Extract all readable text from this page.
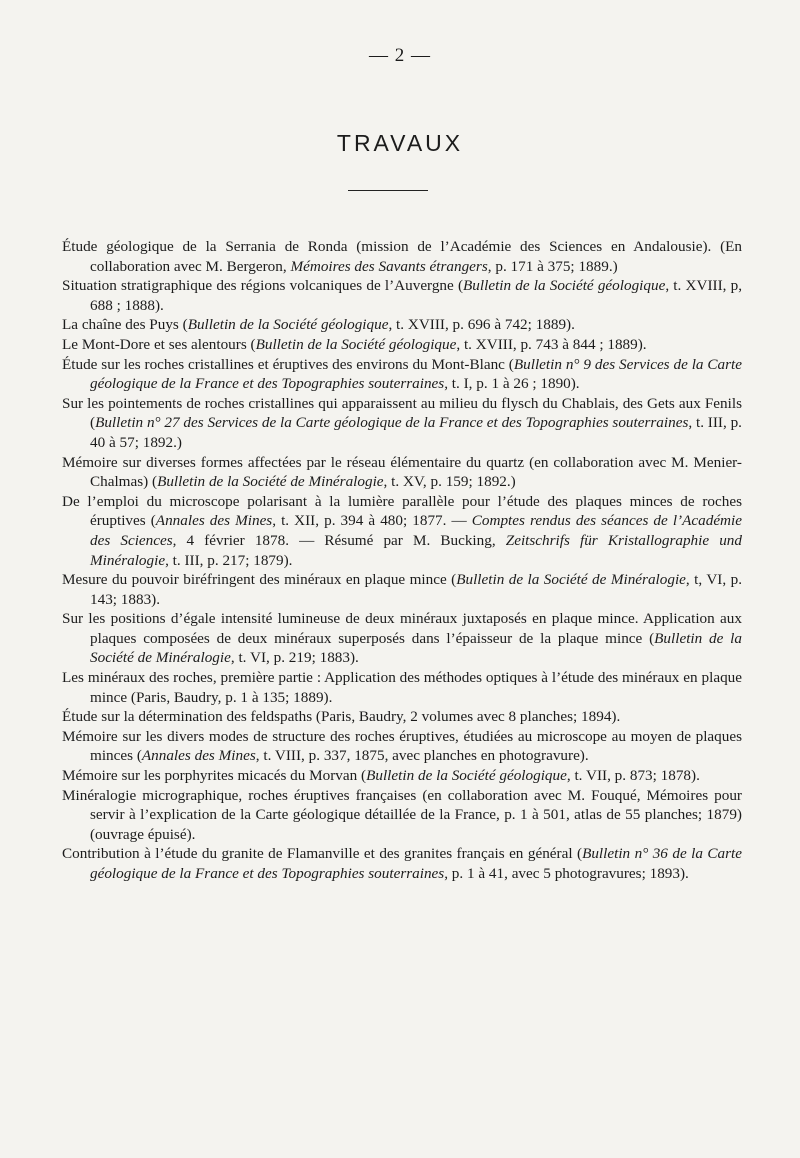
— 2 —
TRAVAUX
Étude géologique de la Serrania de Ronda (mission de l’Académie des Sciences en Andalousie). (En collaboration avec M. Bergeron, Mémoires des Savants étrangers, p. 171 à 375; 1889.)
Situation stratigraphique des régions volcaniques de l’Auvergne (Bulletin de la Société géologique, t. XVIII, p, 688 ; 1888).
La chaîne des Puys (Bulletin de la Société géologique, t. XVIII, p. 696 à 742; 1889).
Le Mont-Dore et ses alentours (Bulletin de la Société géologique, t. XVIII, p. 743 à 844 ; 1889).
Étude sur les roches cristallines et éruptives des environs du Mont-Blanc (Bulletin n° 9 des Services de la Carte géologique de la France et des Topographies souterraines, t. I, p. 1 à 26 ; 1890).
Sur les pointements de roches cristallines qui apparaissent au milieu du flysch du Chablais, des Gets aux Fenils (Bulletin n° 27 des Services de la Carte géologique de la France et des Topographies souterraines, t. III, p. 40 à 57; 1892.)
Mémoire sur diverses formes affectées par le réseau élémentaire du quartz (en collaboration avec M. Menier-Chalmas) (Bulletin de la Société de Minéralogie, t. XV, p. 159; 1892.)
De l’emploi du microscope polarisant à la lumière parallèle pour l’étude des plaques minces de roches éruptives (Annales des Mines, t. XII, p. 394 à 480; 1877. — Comptes rendus des séances de l’Académie des Sciences, 4 février 1878. — Résumé par M. Bucking, Zeitschrifs für Kristallographie und Minéralogie, t. III, p. 217; 1879).
Mesure du pouvoir biréfringent des minéraux en plaque mince (Bulletin de la Société de Minéralogie, t, VI, p. 143; 1883).
Sur les positions d’égale intensité lumineuse de deux minéraux juxtaposés en plaque mince. Application aux plaques composées de deux minéraux superposés dans l’épaisseur de la plaque mince (Bulletin de la Société de Minéralogie, t. VI, p. 219; 1883).
Les minéraux des roches, première partie : Application des méthodes optiques à l’étude des minéraux en plaque mince (Paris, Baudry, p. 1 à 135; 1889).
Étude sur la détermination des feldspaths (Paris, Baudry, 2 volumes avec 8 planches; 1894).
Mémoire sur les divers modes de structure des roches éruptives, étudiées au microscope au moyen de plaques minces (Annales des Mines, t. VIII, p. 337, 1875, avec planches en photogravure).
Mémoire sur les porphyrites micacés du Morvan (Bulletin de la Société géologique, t. VII, p. 873; 1878).
Minéralogie micrographique, roches éruptives françaises (en collaboration avec M. Fouqué, Mémoires pour servir à l’explication de la Carte géologique détaillée de la France, p. 1 à 501, atlas de 55 planches; 1879) (ouvrage épuisé).
Contribution à l’étude du granite de Flamanville et des granites français en général (Bulletin n° 36 de la Carte géologique de la France et des Topographies souterraines, p. 1 à 41, avec 5 photogravures; 1893).
